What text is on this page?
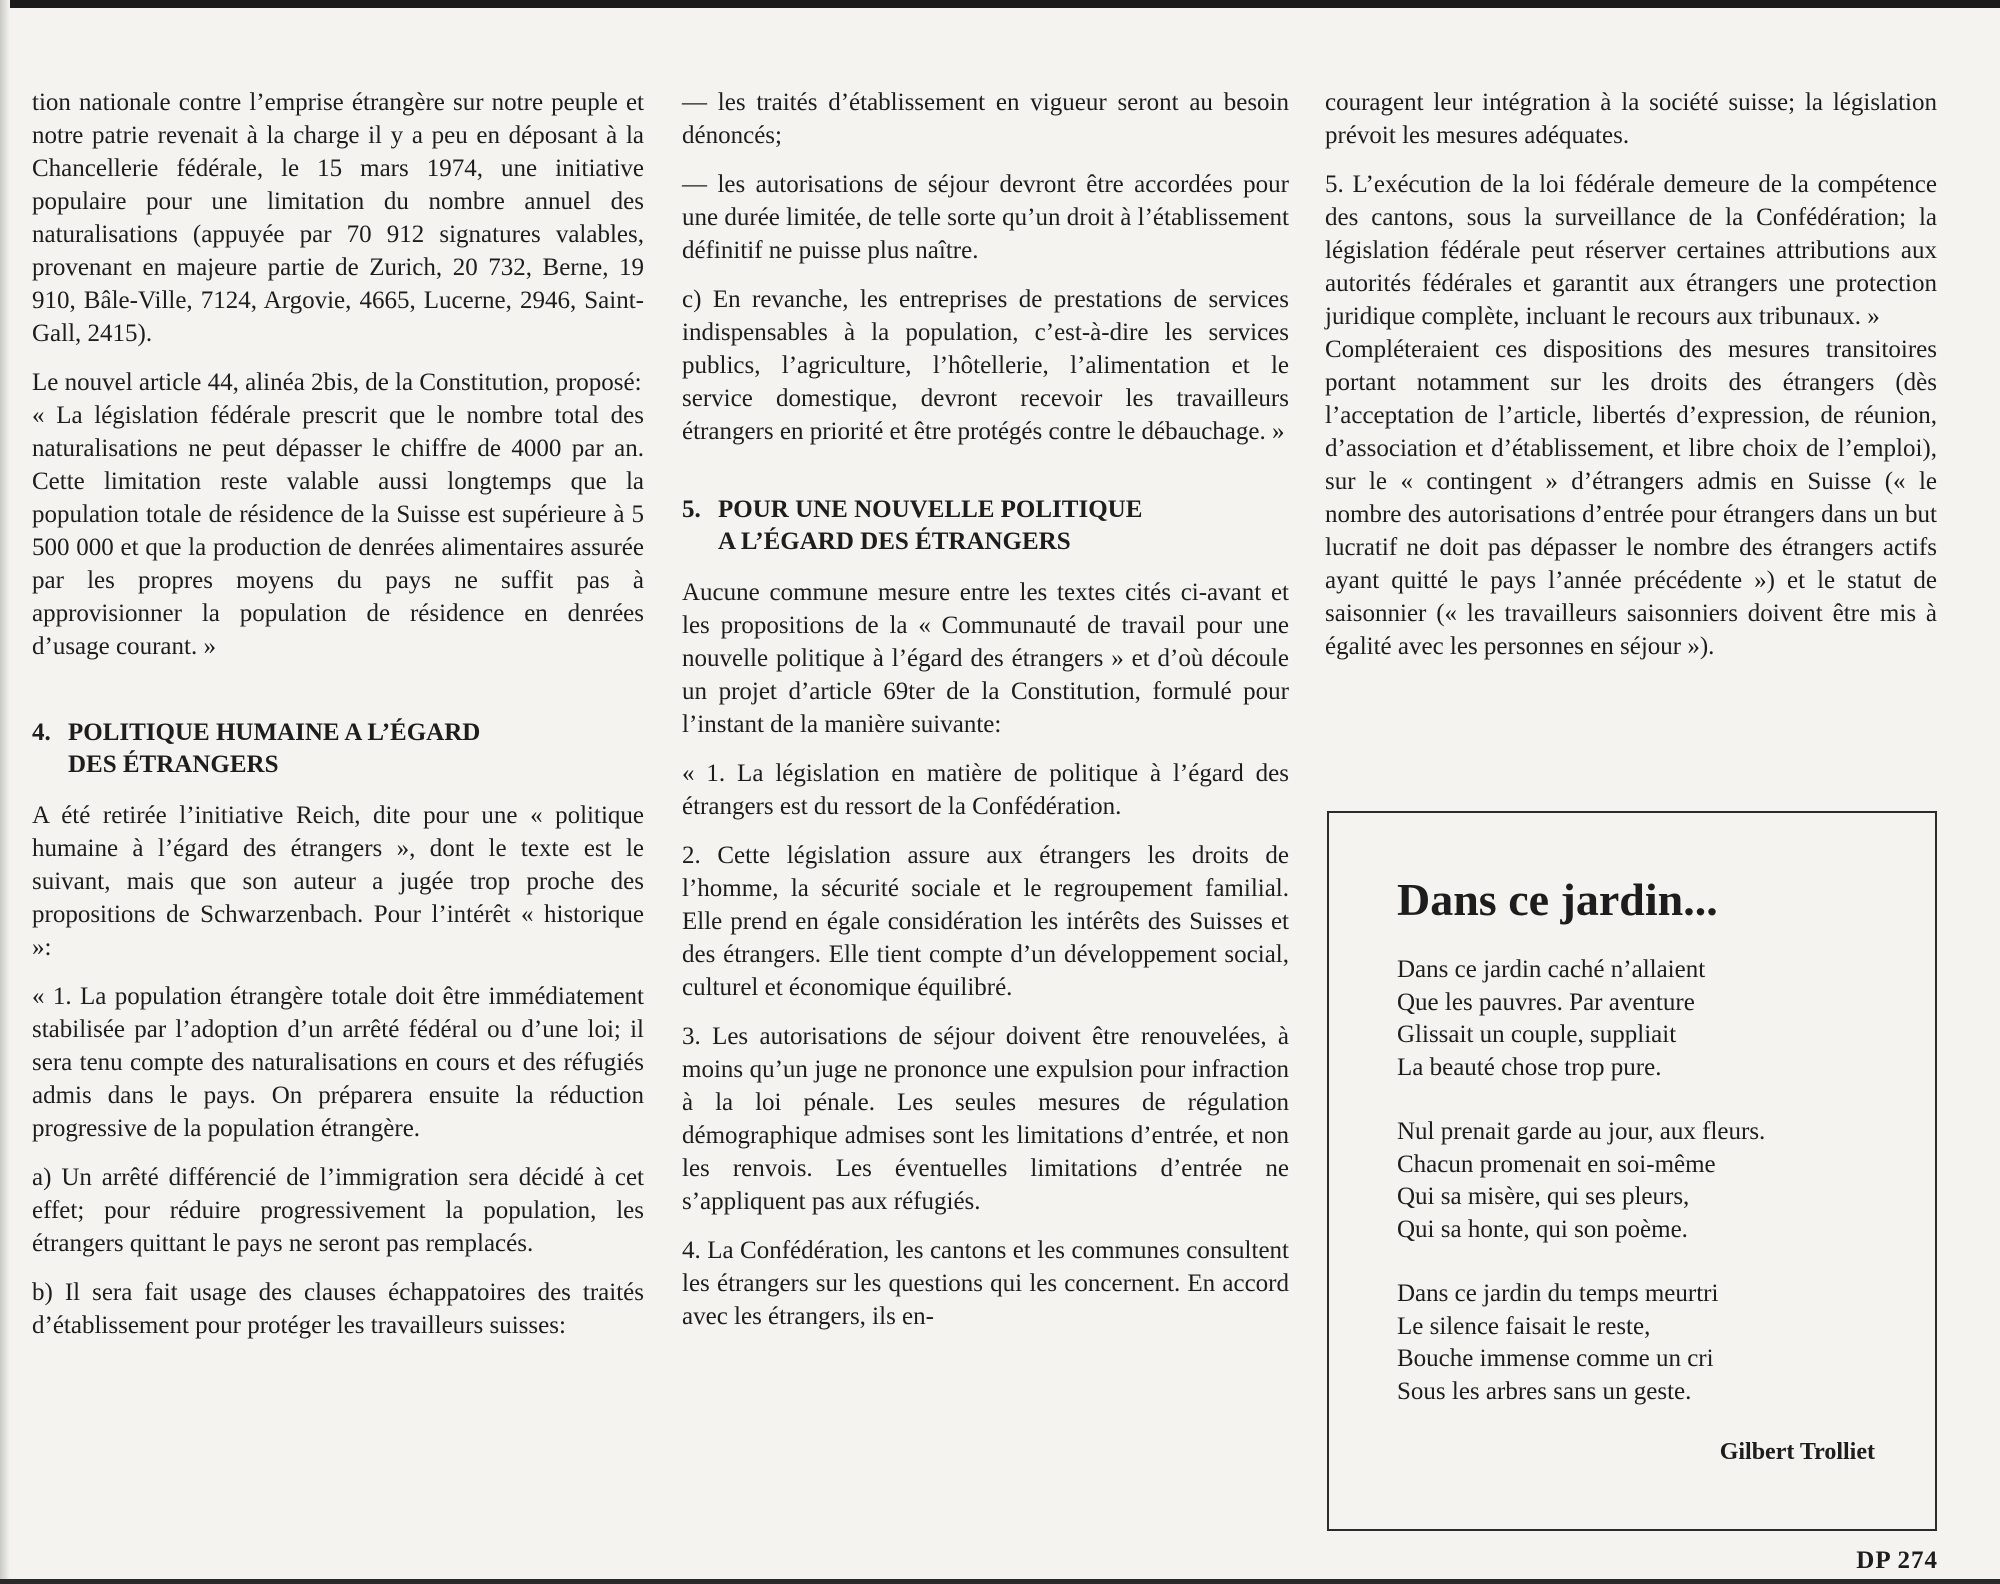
tion nationale contre l’emprise étrangère sur notre peuple et notre patrie revenait à la charge il y a peu en déposant à la Chancellerie fédérale, le 15 mars 1974, une initiative populaire pour une limitation du nombre annuel des naturalisations (appuyée par 70 912 signatures valables, provenant en majeure partie de Zurich, 20 732, Berne, 19 910, Bâle-Ville, 7124, Argovie, 4665, Lucerne, 2946, Saint-Gall, 2415).

Le nouvel article 44, alinéa 2bis, de la Constitution, proposé:

« La législation fédérale prescrit que le nombre total des naturalisations ne peut dépasser le chiffre de 4000 par an. Cette limitation reste valable aussi longtemps que la population totale de résidence de la Suisse est supérieure à 5 500 000 et que la production de denrées alimentaires assurée par les propres moyens du pays ne suffit pas à approvisionner la population de résidence en denrées d’usage courant. »

4. POLITIQUE HUMAINE A L’ÉGARD
DES ÉTRANGERS

A été retirée l’initiative Reich, dite pour une « politique humaine à l’égard des étrangers », dont le texte est le suivant, mais que son auteur a jugée trop proche des propositions de Schwarzenbach. Pour l’intérêt « historique »:

« 1. La population étrangère totale doit être immédiatement stabilisée par l’adoption d’un arrêté fédéral ou d’une loi; il sera tenu compte des naturalisations en cours et des réfugiés admis dans le pays. On préparera ensuite la réduction progressive de la population étrangère.

a) Un arrêté différencié de l’immigration sera décidé à cet effet; pour réduire progressivement la population, les étrangers quittant le pays ne seront pas remplacés.

b) Il sera fait usage des clauses échappatoires des traités d’établissement pour protéger les travailleurs suisses:

— les traités d’établissement en vigueur seront au besoin dénoncés;

— les autorisations de séjour devront être accordées pour une durée limitée, de telle sorte qu’un droit à l’établissement définitif ne puisse plus naître.

c) En revanche, les entreprises de prestations de services indispensables à la population, c’est-à-dire les services publics, l’agriculture, l’hôtellerie, l’alimentation et le service domestique, devront recevoir les travailleurs étrangers en priorité et être protégés contre le débauchage. »

5. POUR UNE NOUVELLE POLITIQUE
A L’ÉGARD DES ÉTRANGERS

Aucune commune mesure entre les textes cités ci-avant et les propositions de la « Communauté de travail pour une nouvelle politique à l’égard des étrangers » et d’où découle un projet d’article 69ter de la Constitution, formulé pour l’instant de la manière suivante:

« 1. La législation en matière de politique à l’égard des étrangers est du ressort de la Confédération.

2. Cette législation assure aux étrangers les droits de l’homme, la sécurité sociale et le regroupement familial. Elle prend en égale considération les intérêts des Suisses et des étrangers. Elle tient compte d’un développement social, culturel et économique équilibré.

3. Les autorisations de séjour doivent être renouvelées, à moins qu’un juge ne prononce une expulsion pour infraction à la loi pénale. Les seules mesures de régulation démographique admises sont les limitations d’entrée, et non les renvois. Les éventuelles limitations d’entrée ne s’appliquent pas aux réfugiés.

4. La Confédération, les cantons et les communes consultent les étrangers sur les questions qui les concernent. En accord avec les étrangers, ils en-

couragent leur intégration à la société suisse; la législation prévoit les mesures adéquates.

5. L’exécution de la loi fédérale demeure de la compétence des cantons, sous la surveillance de la Confédération; la législation fédérale peut réserver certaines attributions aux autorités fédérales et garantit aux étrangers une protection juridique complète, incluant le recours aux tribunaux. »

Compléteraient ces dispositions des mesures transitoires portant notamment sur les droits des étrangers (dès l’acceptation de l’article, libertés d’expression, de réunion, d’association et d’établissement, et libre choix de l’emploi), sur le « contingent » d’étrangers admis en Suisse (« le nombre des autorisations d’entrée pour étrangers dans un but lucratif ne doit pas dépasser le nombre des étrangers actifs ayant quitté le pays l’année précédente ») et le statut de saisonnier (« les travailleurs saisonniers doivent être mis à égalité avec les personnes en séjour »).

Dans ce jardin...
Dans ce jardin caché n’allaient
Que les pauvres. Par aventure
Glissait un couple, suppliait
La beauté chose trop pure.
Nul prenait garde au jour, aux fleurs.
Chacun promenait en soi-même
Qui sa misère, qui ses pleurs,
Qui sa honte, qui son poème.
Dans ce jardin du temps meurtri
Le silence faisait le reste,
Bouche immense comme un cri
Sous les arbres sans un geste.
Gilbert Trolliet
DP 274
